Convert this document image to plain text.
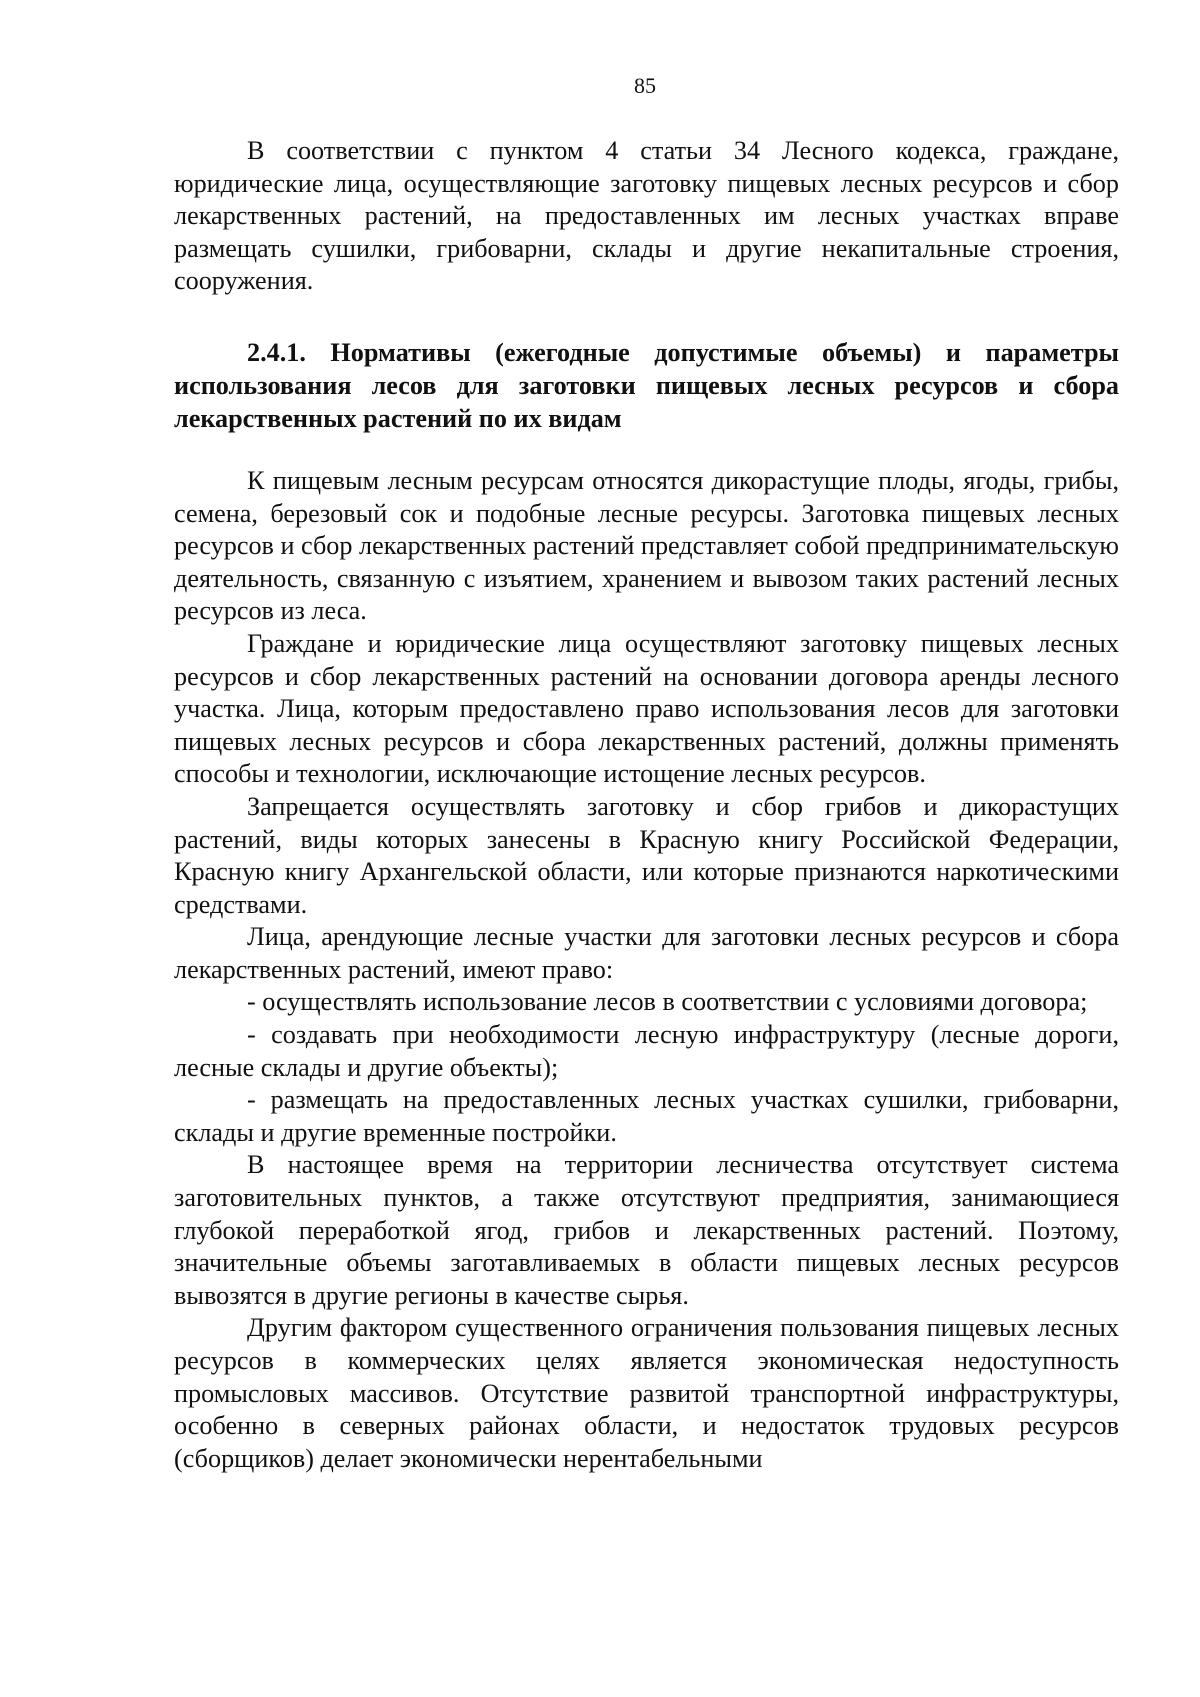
85

В соответствии с пунктом 4 статьи 34 Лесного кодекса, граждане, юридические лица, осуществляющие заготовку пищевых лесных ресурсов и сбор лекарственных растений, на предоставленных им лесных участках вправе размещать сушилки, грибоварни, склады и другие некапитальные строения, сооружения.

2.4.1. Нормативы (ежегодные допустимые объемы) и параметры использования лесов для заготовки пищевых лесных ресурсов и сбора лекарственных растений по их видам

К пищевым лесным ресурсам относятся дикорастущие плоды, ягоды, грибы, семена, березовый сок и подобные лесные ресурсы. Заготовка пищевых лесных ресурсов и сбор лекарственных растений представляет собой предпринимательскую деятельность, связанную с изъятием, хранением и вывозом таких растений лесных ресурсов из леса.

Граждане и юридические лица осуществляют заготовку пищевых лесных ресурсов и сбор лекарственных растений на основании договора аренды лесного участка. Лица, которым предоставлено право использования лесов для заготовки пищевых лесных ресурсов и сбора лекарственных растений, должны применять способы и технологии, исключающие истощение лесных ресурсов.

Запрещается осуществлять заготовку и сбор грибов и дикорастущих растений, виды которых занесены в Красную книгу Российской Федерации, Красную книгу Архангельской области, или которые признаются наркотическими средствами.

Лица, арендующие лесные участки для заготовки лесных ресурсов и сбора лекарственных растений, имеют право:

- осуществлять использование лесов в соответствии с условиями договора;

- создавать при необходимости лесную инфраструктуру (лесные дороги, лесные склады и другие объекты);

- размещать на предоставленных лесных участках сушилки, грибоварни, склады и другие временные постройки.

В настоящее время на территории лесничества отсутствует система заготовительных пунктов, а также отсутствуют предприятия, занимающиеся глубокой переработкой ягод, грибов и лекарственных растений. Поэтому, значительные объемы заготавливаемых в области пищевых лесных ресурсов вывозятся в другие регионы в качестве сырья.

Другим фактором существенного ограничения пользования пищевых лесных ресурсов в коммерческих целях является экономическая недоступность промысловых массивов. Отсутствие развитой транспортной инфраструктуры, особенно в северных районах области, и недостаток трудовых ресурсов (сборщиков) делает экономически нерентабельными
